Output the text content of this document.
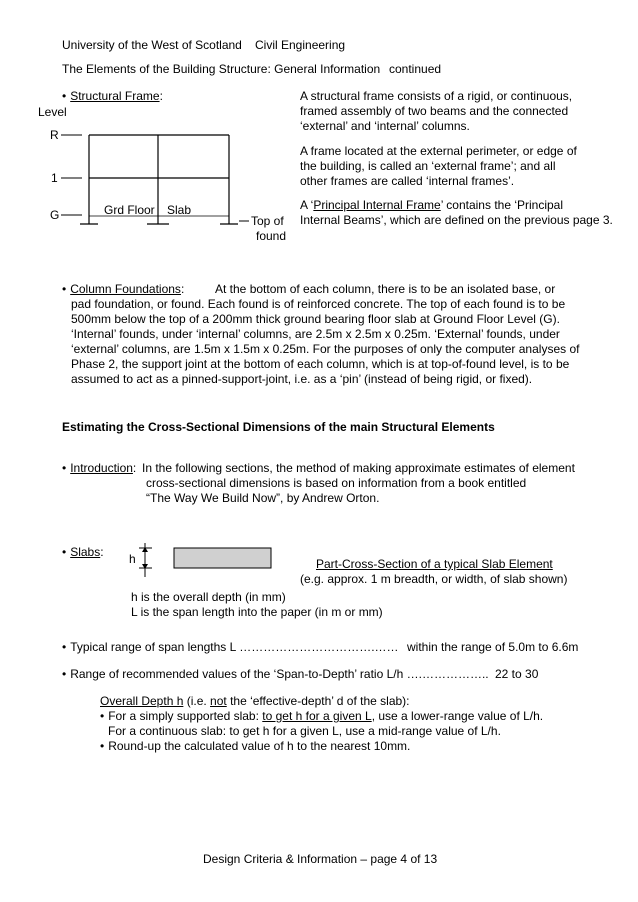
University of the West of Scotland Civil Engineering
The Elements of the Building Structure: General Information continued
• Structural Frame:
Level
R
1
G	Grd Floor Slab
Top of
found
A structural frame consists of a rigid, or continuous,
framed assembly of two beams and the connected
‘external’ and ‘internal’ columns.
A frame located at the external perimeter, or edge of
the building, is called an ‘external frame’; and all
other frames are called ‘internal frames’.
A ‘Principal Internal Frame’ contains the ‘Principal
Internal Beams’, which are defined on the previous page 3.
• Column Foundations:	At the bottom of each column, there is to be an isolated base, or
pad foundation, or found. Each found is of reinforced concrete. The top of each found is to be
500mm below the top of a 200mm thick ground bearing floor slab at Ground Floor Level (G).
‘Internal’ founds, under ‘internal’ columns, are 2.5m x 2.5m x 0.25m. ‘External’ founds, under
‘external’ columns, are 1.5m x 1.5m x 0.25m. For the purposes of only the computer analyses of
Phase 2, the support joint at the bottom of each column, which is at top-of-found level, is to be
assumed to act as a pinned-support-joint, i.e. as a ‘pin’ (instead of being rigid, or fixed).
Estimating the Cross-Sectional Dimensions of the main Structural Elements
• Introduction: In the following sections, the method of making approximate estimates of element
cross-sectional dimensions is based on information from a book entitled
“The Way We Build Now”, by Andrew Orton.
• Slabs: h	Part-Cross-Section of a typical Slab Element
(e.g. approx. 1 m breadth, or width, of slab shown)
h is the overall depth (in mm)
L is the span length into the paper (in m or mm)
• Typical range of span lengths L …………………………….…… within the range of 5.0m to 6.6m
• Range of recommended values of the ‘Span-to-Depth’ ratio L/h ….…………….. 22 to 30
Overall Depth h (i.e. not the ‘effective-depth’ d of the slab):
• For a simply supported slab: to get h for a given L, use a lower-range value of L/h.
For a continuous slab: to get h for a given L, use a mid-range value of L/h.
• Round-up the calculated value of h to the nearest 10mm.
Design Criteria & Information – page 4 of 13
